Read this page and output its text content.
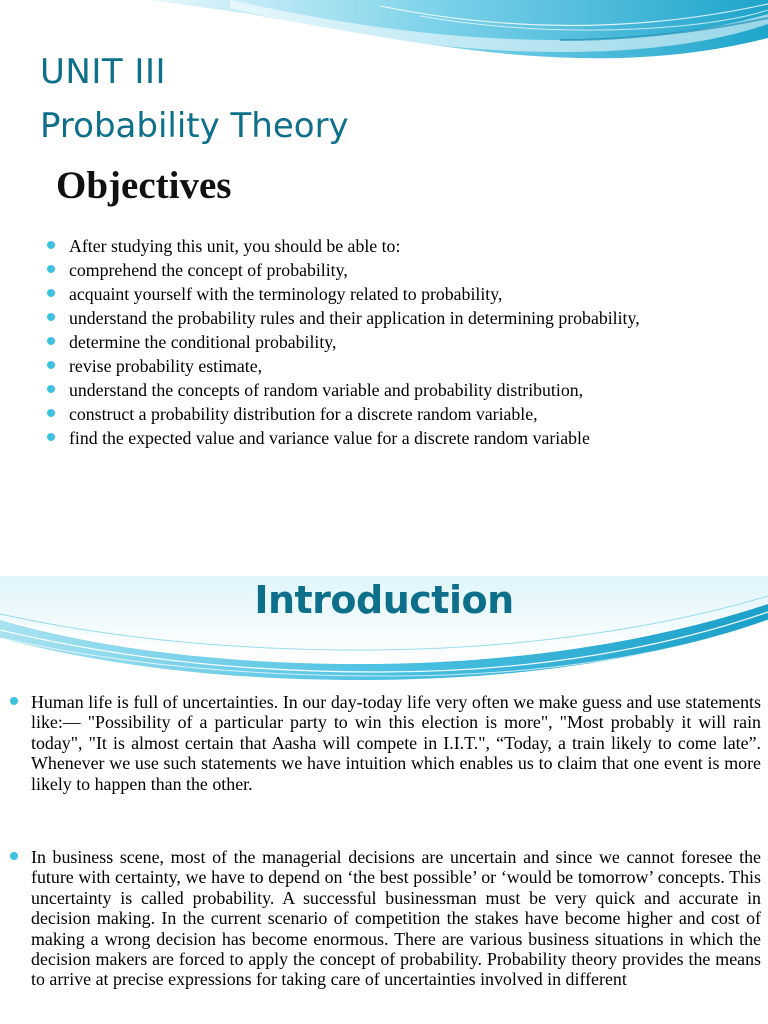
UNIT III
Probability Theory
Objectives
After studying this unit, you should be able to:
comprehend the concept of probability,
acquaint yourself with the terminology related to probability,
understand the probability rules and their application in determining probability,
determine the conditional probability,
revise probability estimate,
understand the concepts of random variable and probability distribution,
construct a probability distribution for a discrete random variable,
find the expected value and variance value for a discrete random variable
Introduction

Human life is full of uncertainties. In our day-today life very often we make guess and use statements like:— "Possibility of a particular party to win this election is more", "Most probably it will rain today", "It is almost certain that Aasha will compete in I.I.T.", “Today, a train likely to come late”. Whenever we use such statements we have intuition which enables us to claim that one event is more likely to happen than the other.

In business scene, most of the managerial decisions are uncertain and since we cannot foresee the future with certainty, we have to depend on ‘the best possible’ or ‘would be tomorrow’ concepts. This uncertainty is called probability. A successful businessman must be very quick and accurate in decision making. In the current scenario of competition the stakes have become higher and cost of making a wrong decision has become enormous. There are various business situations in which the decision makers are forced to apply the concept of probability. Probability theory provides the means to arrive at precise expressions for taking care of uncertainties involved in different
